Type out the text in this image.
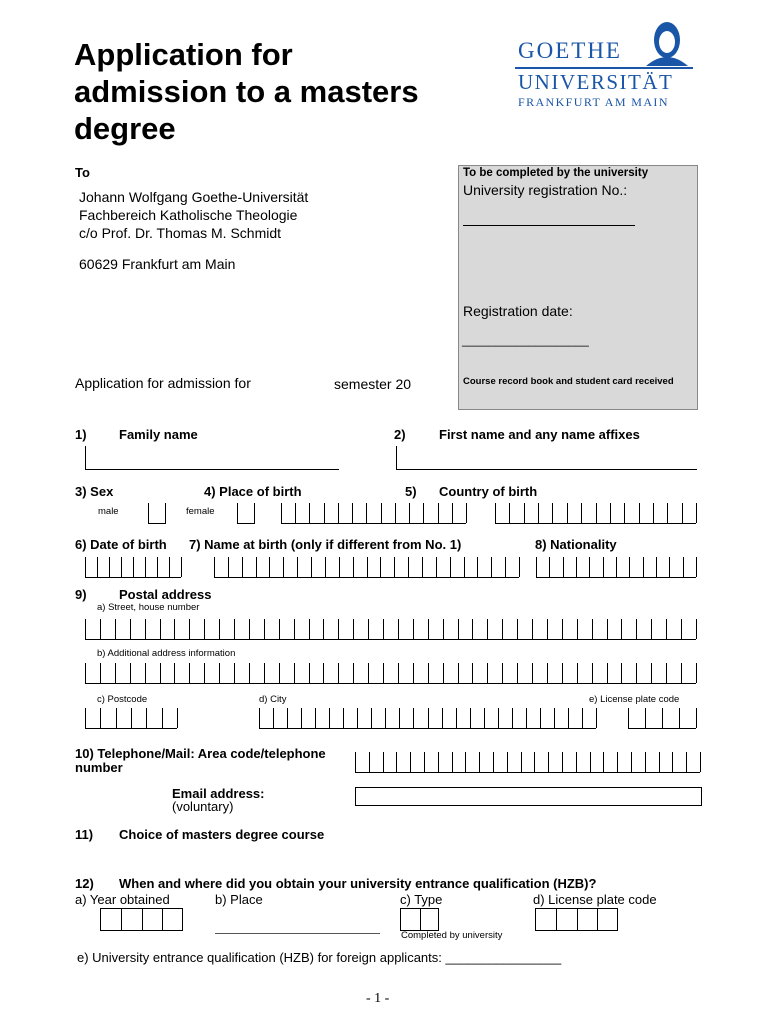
Application for
admission to a masters
degree
GOETHE
UNIVERSITÄT
FRANKFURT AM MAIN
To
Johann Wolfgang Goethe-Universität
Fachbereich Katholische Theologie
c/o Prof. Dr. Thomas M. Schmidt
60629 Frankfurt am Main
To be completed by the university
University registration No.:
Registration date:
___________________
Course record book and student card received
Application for admission for	semester 20
1) Family name	2)	First name and any name affixes
3) Sex	4) Place of birth	5) Country of birth
male	female
6) Date of birth 7) Name at birth (only if different from No. 1)	8) Nationality
9) Postal address
a) Street, house number
b) Additional address information
c) Postcode	d) City	e) License plate code
10) Telephone/Mail: Area code/telephone
number
Email address:
(voluntary)
11) Choice of masters degree course
12) When and where did you obtain your university entrance qualification (HZB)?
a) Year obtained	b) Place	c) Type	d) License plate code
Completed by university
e) University entrance qualification (HZB) for foreign applicants: ________________
- 1 -
